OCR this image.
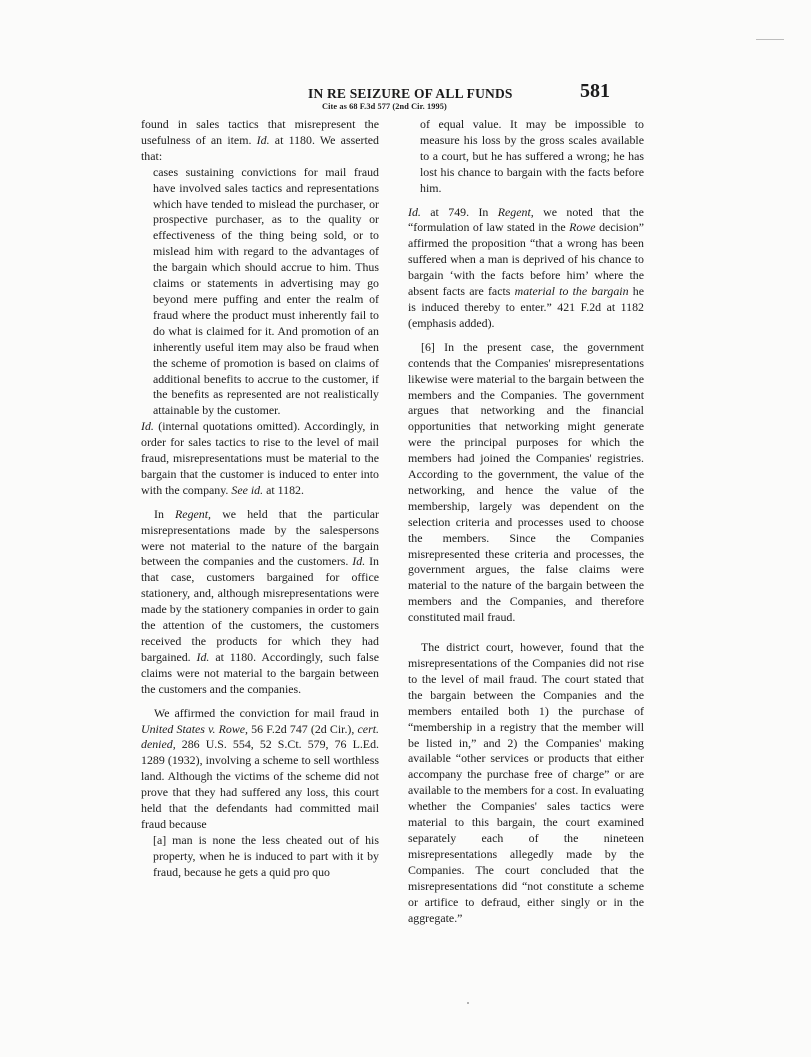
IN RE SEIZURE OF ALL FUNDS	581
Cite as 68 F.3d 577 (2nd Cir. 1995)

found in sales tactics that misrepresent the usefulness of an item. Id. at 1180. We asserted that:

cases sustaining convictions for mail fraud have involved sales tactics and representations which have tended to mislead the purchaser, or prospective purchaser, as to the quality or effectiveness of the thing being sold, or to mislead him with regard to the advantages of the bargain which should accrue to him. Thus claims or statements in advertising may go beyond mere puffing and enter the realm of fraud where the product must inherently fail to do what is claimed for it. And promotion of an inherently useful item may also be fraud when the scheme of promotion is based on claims of additional benefits to accrue to the customer, if the benefits as represented are not realistically attainable by the customer.

Id. (internal quotations omitted). Accordingly, in order for sales tactics to rise to the level of mail fraud, misrepresentations must be material to the bargain that the customer is induced to enter into with the company. See id. at 1182.

In Regent, we held that the particular misrepresentations made by the salespersons were not material to the nature of the bargain between the companies and the customers. Id. In that case, customers bargained for office stationery, and, although misrepresentations were made by the stationery companies in order to gain the attention of the customers, the customers received the products for which they had bargained. Id. at 1180. Accordingly, such false claims were not material to the bargain between the customers and the companies.

We affirmed the conviction for mail fraud in United States v. Rowe, 56 F.2d 747 (2d Cir.), cert. denied, 286 U.S. 554, 52 S.Ct. 579, 76 L.Ed. 1289 (1932), involving a scheme to sell worthless land. Although the victims of the scheme did not prove that they had suffered any loss, this court held that the defendants had committed mail fraud because

[a] man is none the less cheated out of his property, when he is induced to part with it by fraud, because he gets a quid pro quo

of equal value. It may be impossible to measure his loss by the gross scales available to a court, but he has suffered a wrong; he has lost his chance to bargain with the facts before him.

Id. at 749. In Regent, we noted that the “formulation of law stated in the Rowe decision” affirmed the proposition “that a wrong has been suffered when a man is deprived of his chance to bargain ‘with the facts before him’ where the absent facts are facts material to the bargain he is induced thereby to enter.” 421 F.2d at 1182 (emphasis added).

[6] In the present case, the government contends that the Companies' misrepresentations likewise were material to the bargain between the members and the Companies. The government argues that networking and the financial opportunities that networking might generate were the principal purposes for which the members had joined the Companies' registries. According to the government, the value of the networking, and hence the value of the membership, largely was dependent on the selection criteria and processes used to choose the members. Since the Companies misrepresented these criteria and processes, the government argues, the false claims were material to the nature of the bargain between the members and the Companies, and therefore constituted mail fraud.

The district court, however, found that the misrepresentations of the Companies did not rise to the level of mail fraud. The court stated that the bargain between the Companies and the members entailed both 1) the purchase of “membership in a registry that the member will be listed in,” and 2) the Companies' making available “other services or products that either accompany the purchase free of charge” or are available to the members for a cost. In evaluating whether the Companies' sales tactics were material to this bargain, the court examined separately each of the nineteen misrepresentations allegedly made by the Companies. The court concluded that the misrepresentations did “not constitute a scheme or artifice to defraud, either singly or in the aggregate.”
